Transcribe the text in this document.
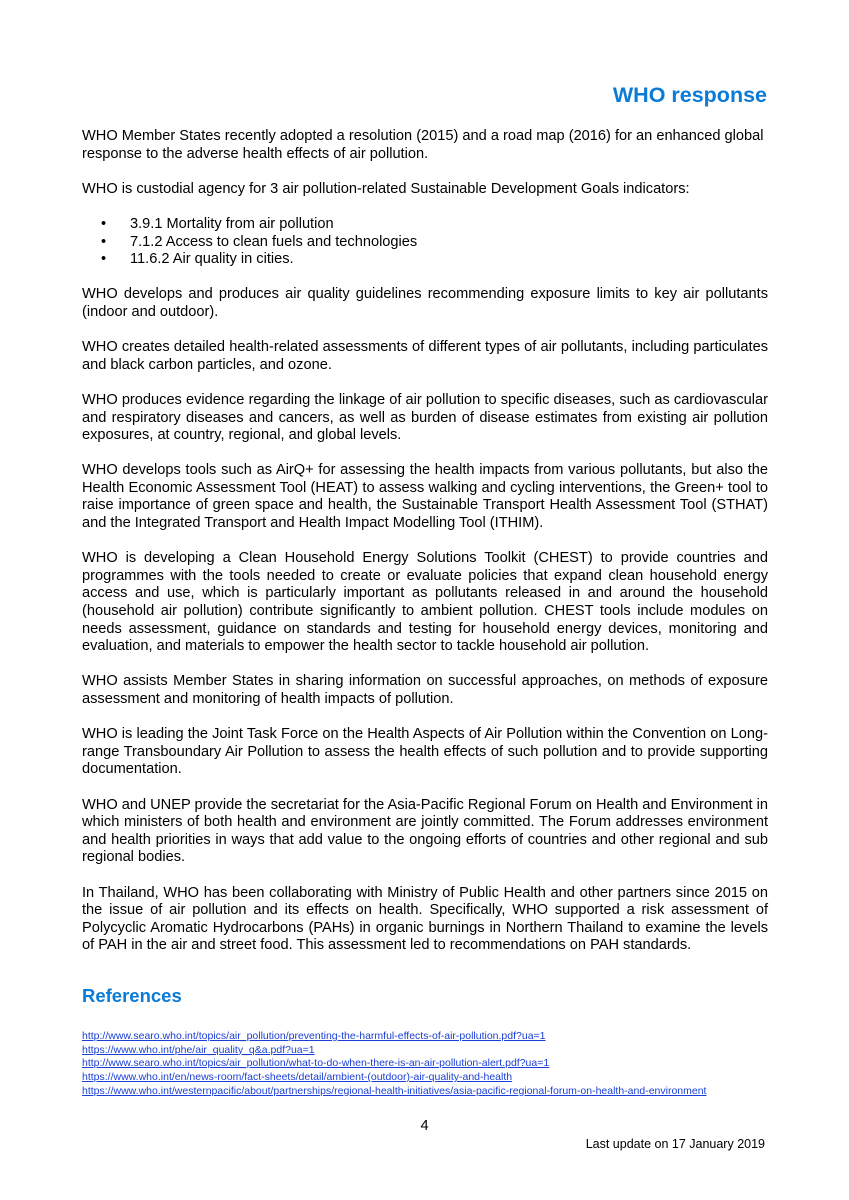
WHO response

WHO Member States recently adopted a resolution (2015) and a road map (2016) for an enhanced global response to the adverse health effects of air pollution.

WHO is custodial agency for 3 air pollution-related Sustainable Development Goals indicators:

• 3.9.1 Mortality from air pollution
• 7.1.2 Access to clean fuels and technologies
• 11.6.2 Air quality in cities.

WHO develops and produces air quality guidelines recommending exposure limits to key air pollutants (indoor and outdoor).

WHO creates detailed health-related assessments of different types of air pollutants, including particulates and black carbon particles, and ozone.

WHO produces evidence regarding the linkage of air pollution to specific diseases, such as cardiovascular and respiratory diseases and cancers, as well as burden of disease estimates from existing air pollution exposures, at country, regional, and global levels.

WHO develops tools such as AirQ+ for assessing the health impacts from various pollutants, but also the Health Economic Assessment Tool (HEAT) to assess walking and cycling interventions, the Green+ tool to raise importance of green space and health, the Sustainable Transport Health Assessment Tool (STHAT) and the Integrated Transport and Health Impact Modelling Tool (ITHIM).

WHO is developing a Clean Household Energy Solutions Toolkit (CHEST) to provide countries and programmes with the tools needed to create or evaluate policies that expand clean household energy access and use, which is particularly important as pollutants released in and around the household (household air pollution) contribute significantly to ambient pollution. CHEST tools include modules on needs assessment, guidance on standards and testing for household energy devices, monitoring and evaluation, and materials to empower the health sector to tackle household air pollution.

WHO assists Member States in sharing information on successful approaches, on methods of exposure assessment and monitoring of health impacts of pollution.

WHO is leading the Joint Task Force on the Health Aspects of Air Pollution within the Convention on Long-range Transboundary Air Pollution to assess the health effects of such pollution and to provide supporting documentation.

WHO and UNEP provide the secretariat for the Asia-Pacific Regional Forum on Health and Environment in which ministers of both health and environment are jointly committed. The Forum addresses environment and health priorities in ways that add value to the ongoing efforts of countries and other regional and sub regional bodies.

In Thailand, WHO has been collaborating with Ministry of Public Health and other partners since 2015 on the issue of air pollution and its effects on health. Specifically, WHO supported a risk assessment of Polycyclic Aromatic Hydrocarbons (PAHs) in organic burnings in Northern Thailand to examine the levels of PAH in the air and street food. This assessment led to recommendations on PAH standards.

References
http://www.searo.who.int/topics/air_pollution/preventing-the-harmful-effects-of-air-pollution.pdf?ua=1
https://www.who.int/phe/air_quality_q&a.pdf?ua=1
http://www.searo.who.int/topics/air_pollution/what-to-do-when-there-is-an-air-pollution-alert.pdf?ua=1
https://www.who.int/en/news-room/fact-sheets/detail/ambient-(outdoor)-air-quality-and-health
https://www.who.int/westernpacific/about/partnerships/regional-health-initiatives/asia-pacific-regional-forum-on-health-and-environment
4
Last update on 17 January 2019
